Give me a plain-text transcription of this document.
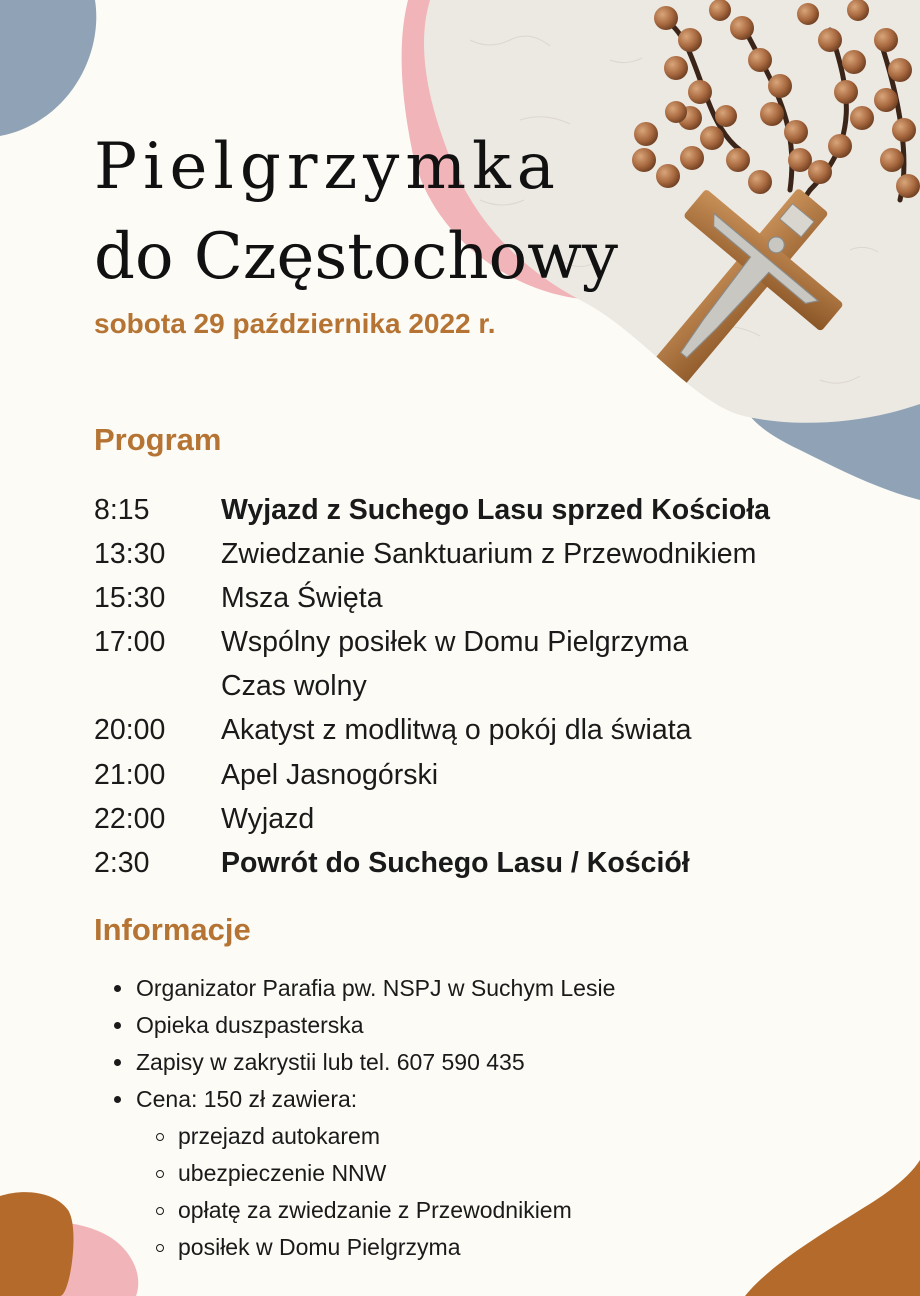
Pielgrzymka
do Częstochowy
sobota 29 października 2022 r.
Program
8:15	Wyjazd z Suchego Lasu sprzed Kościoła
13:30 Zwiedzanie Sanktuarium z Przewodnikiem
15:30 Msza Święta
17:00 Wspólny posiłek w Domu Pielgrzyma
Czas wolny
20:00 Akatyst z modlitwą o pokój dla świata
21:00 Apel Jasnogórski
22:00 Wyjazd
2:30	Powrót do Suchego Lasu / Kościół
Informacje
Organizator Parafia pw. NSPJ w Suchym Lesie
Opieka duszpasterska
Zapisy w zakrystii lub tel. 607 590 435
Cena: 150 zł zawiera:
przejazd autokarem
ubezpieczenie NNW
opłatę za zwiedzanie z Przewodnikiem
posiłek w Domu Pielgrzyma
